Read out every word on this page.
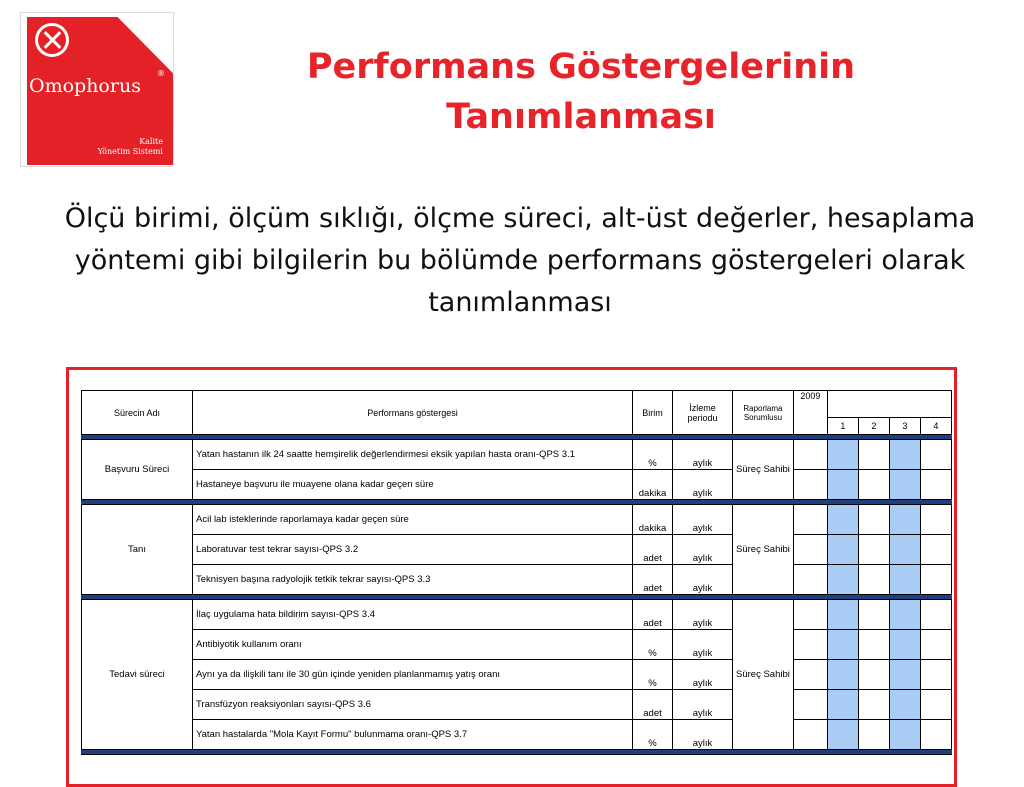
Omophorus
®
Kalite
Yönetim Sistemi
Performans Göstergelerinin Tanımlanması
Ölçü birimi, ölçüm sıklığı, ölçme süreci, alt-üst değerler, hesaplama yöntemi gibi bilgilerin bu bölümde performans göstergeleri olarak tanımlanması
Sürecin Adı	Performans göstergesi	Birim	İzleme periodu	Raporlama Sorumlusu	2009				
						1	2	3	4

Başvuru Süreci	Yatan hastanın ilk 24 saatte hemşirelik değerlendirmesi eksik yapılan hasta oranı-QPS 3.1	%	aylık	Süreç Sahibi					
	Hastaneye başvuru ile muayene olana kadar geçen süre	dakika	aylık						

Tanı	Acil lab isteklerinde raporlamaya kadar geçen süre	dakika	aylık	Süreç Sahibi					
	Laboratuvar test tekrar sayısı-QPS 3.2	adet	aylık						
	Teknisyen başına radyolojik tetkik tekrar sayısı-QPS 3.3	adet	aylık						

Tedavi süreci	İlaç uygulama hata bildirim sayısı-QPS 3.4	adet	aylık	Süreç Sahibi					
	Antibiyotik kullanım oranı	%	aylık						
	Aynı ya da ilişkili tanı ile 30 gün içinde yeniden planlanmamış yatış oranı	%	aylık						
	Transfüzyon reaksiyonları sayısı-QPS 3.6	adet	aylık						
	Yatan hastalarda "Mola Kayıt Formu" bulunmama oranı-QPS 3.7	%	aylık						
